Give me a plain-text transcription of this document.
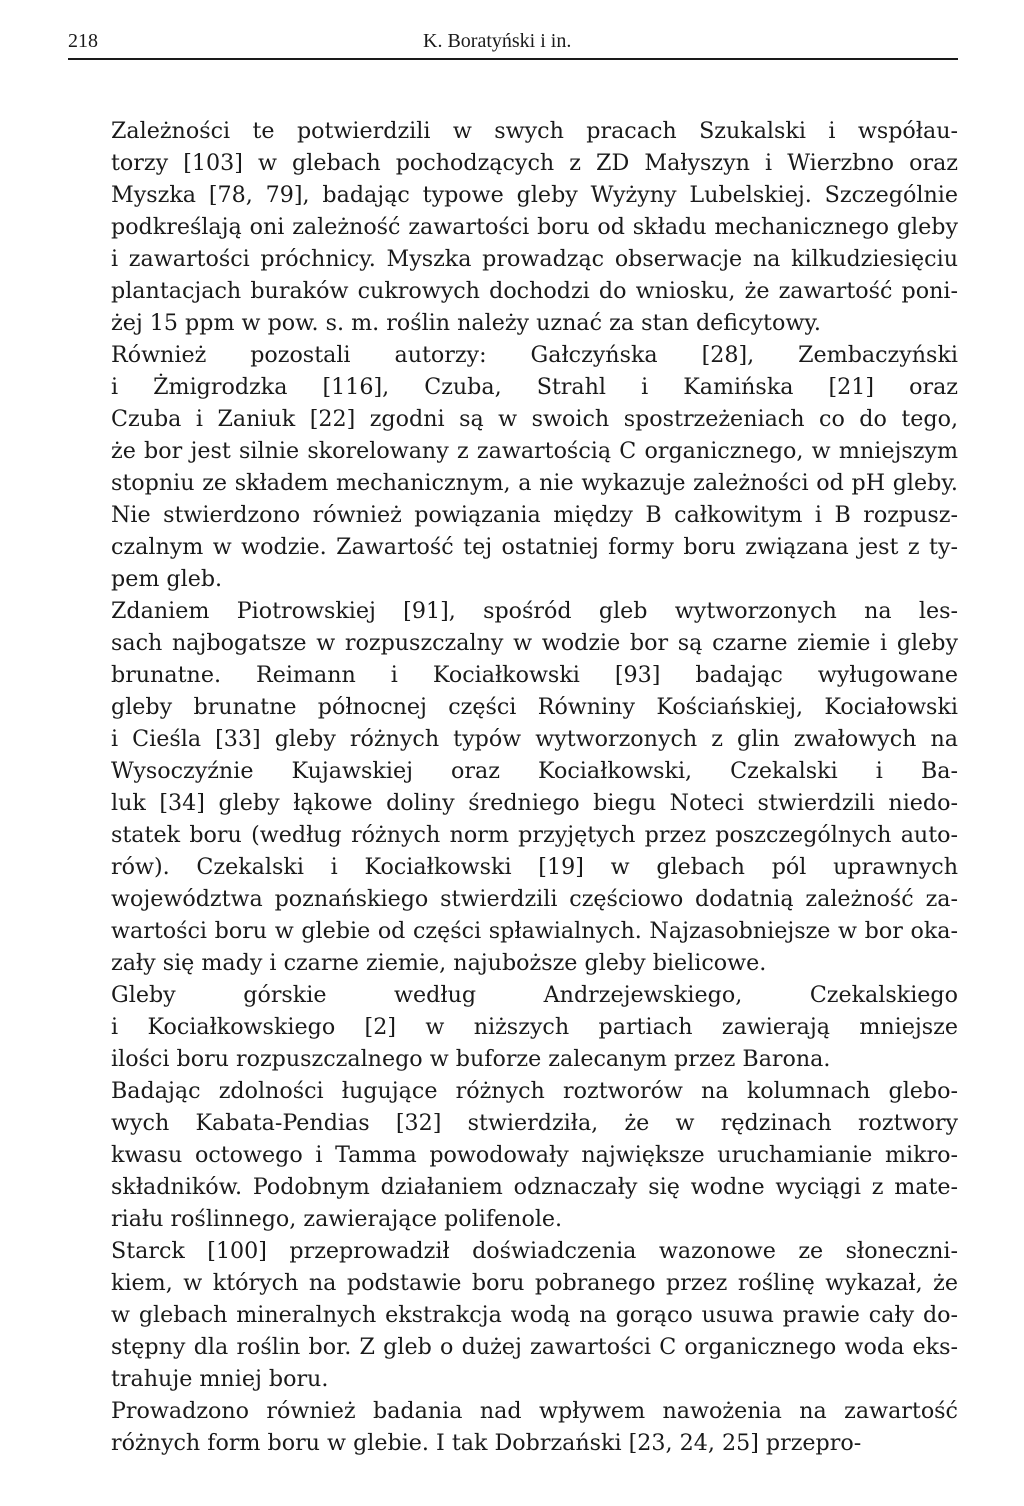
218	K. Boratyński i in.

Zależności te potwierdzili w swych pracach Szukalski i współau-
torzy [103] w glebach pochodzących z ZD Małyszyn i Wierzbno oraz
Myszka [78, 79], badając typowe gleby Wyżyny Lubelskiej. Szczególnie
podkreślają oni zależność zawartości boru od składu mechanicznego gleby
i zawartości próchnicy. Myszka prowadząc obserwacje na kilkudziesięciu
plantacjach buraków cukrowych dochodzi do wniosku, że zawartość poni-
żej 15 ppm w pow. s. m. roślin należy uznać za stan deficytowy.

Również pozostali autorzy: Gałczyńska [28], Zembaczyński
i Żmigrodzka [116], Czuba, Strahl i Kamińska [21] oraz
Czuba i Zaniuk [22] zgodni są w swoich spostrzeżeniach co do tego,
że bor jest silnie skorelowany z zawartością C organicznego, w mniejszym
stopniu ze składem mechanicznym, a nie wykazuje zależności od pH gleby.
Nie stwierdzono również powiązania między B całkowitym i B rozpusz-
czalnym w wodzie. Zawartość tej ostatniej formy boru związana jest z ty-
pem gleb.

Zdaniem Piotrowskiej [91], spośród gleb wytworzonych na les-
sach najbogatsze w rozpuszczalny w wodzie bor są czarne ziemie i gleby
brunatne. Reimann i Kociałkowski [93] badając wyługowane
gleby brunatne północnej części Równiny Kościańskiej, Kociałowski
i Cieśla [33] gleby różnych typów wytworzonych z glin zwałowych na
Wysoczyźnie Kujawskiej oraz Kociałkowski, Czekalski i Ba-
luk [34] gleby łąkowe doliny średniego biegu Noteci stwierdzili niedo-
statek boru (według różnych norm przyjętych przez poszczególnych auto-
rów). Czekalski i Kociałkowski [19] w glebach pól uprawnych
województwa poznańskiego stwierdzili częściowo dodatnią zależność za-
wartości boru w glebie od części spławialnych. Najzasobniejsze w bor oka-
zały się mady i czarne ziemie, najuboższe gleby bielicowe.

Gleby górskie według Andrzejewskiego, Czekalskiego
i Kociałkowskiego [2] w niższych partiach zawierają mniejsze
ilości boru rozpuszczalnego w buforze zalecanym przez Barona.

Badając zdolności ługujące różnych roztworów na kolumnach glebo-
wych Kabata-Pendias [32] stwierdziła, że w rędzinach roztwory
kwasu octowego i Tamma powodowały największe uruchamianie mikro-
składników. Podobnym działaniem odznaczały się wodne wyciągi z mate-
riału roślinnego, zawierające polifenole.

Starck [100] przeprowadził doświadczenia wazonowe ze słoneczni-
kiem, w których na podstawie boru pobranego przez roślinę wykazał, że
w glebach mineralnych ekstrakcja wodą na gorąco usuwa prawie cały do-
stępny dla roślin bor. Z gleb o dużej zawartości C organicznego woda eks-
trahuje mniej boru.

Prowadzono również badania nad wpływem nawożenia na zawartość
różnych form boru w glebie. I tak Dobrzański [23, 24, 25] przepro-
